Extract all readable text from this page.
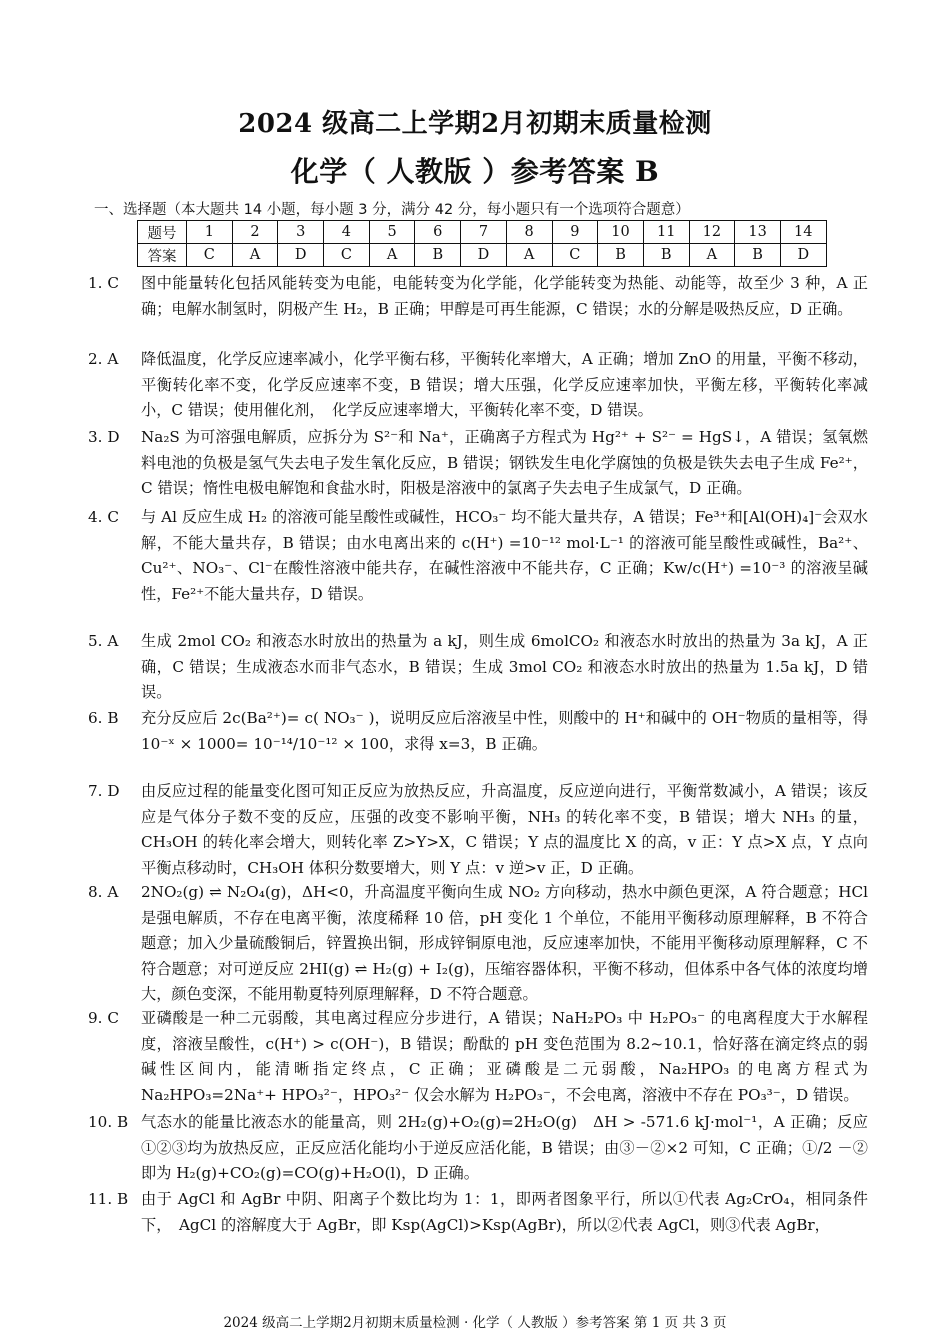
2024 级高二上学期2月初期末质量检测
化学（ 人教版 ）参考答案 B
一、选择题（本大题共 14 小题，每小题 3 分，满分 42 分，每小题只有一个选项符合题意）
题号	1	2	3	4	5	6	7	8	9	10	11	12	13	14
答案	C	A	D	C	A	B	D	A	C	B	B	A	B	D
1. C	图中能量转化包括风能转变为电能，电能转变为化学能，化学能转变为热能、动能等，故至少 3 种，A 正确；电解水制氢时，阴极产生 H₂，B 正确；甲醇是可再生能源，C 错误；水的分解是吸热反应，D 正确。
2. A	降低温度，化学反应速率减小，化学平衡右移，平衡转化率增大，A 正确；增加 ZnO 的用量，平衡不移动，平衡转化率不变，化学反应速率不变，B 错误；增大压强，化学反应速率加快，平衡左移，平衡转化率减小，C 错误；使用催化剂，　化学反应速率增大，平衡转化率不变，D 错误。
3. D	Na₂S 为可溶强电解质，应拆分为 S²⁻和 Na⁺，正确离子方程式为 Hg²⁺ + S²⁻ = HgS↓，A 错误；氢氧燃料电池的负极是氢气失去电子发生氧化反应，B 错误；钢铁发生电化学腐蚀的负极是铁失去电子生成 Fe²⁺，C 错误；惰性电极电解饱和食盐水时，阳极是溶液中的氯离子失去电子生成氯气，D 正确。
4. C	与 Al 反应生成 H₂ 的溶液可能呈酸性或碱性，HCO₃⁻ 均不能大量共存，A 错误；Fe³⁺和[Al(OH)₄]⁻会双水解，不能大量共存，B 错误；由水电离出来的 c(H⁺) =10⁻¹² mol·L⁻¹ 的溶液可能呈酸性或碱性，Ba²⁺、Cu²⁺、NO₃⁻、Cl⁻在酸性溶液中能共存，在碱性溶液中不能共存，C 正确；Kw/c(H⁺) =10⁻³ 的溶液呈碱性，Fe²⁺不能大量共存，D 错误。
5. A	生成 2mol CO₂ 和液态水时放出的热量为 a kJ，则生成 6molCO₂ 和液态水时放出的热量为 3a kJ，A 正确，C 错误；生成液态水而非气态水，B 错误；生成 3mol CO₂ 和液态水时放出的热量为 1.5a kJ，D 错误。
6. B	充分反应后 2c(Ba²⁺)= c( NO₃⁻ )，说明反应后溶液呈中性，则酸中的 H⁺和碱中的 OH⁻物质的量相等，得 10⁻ˣ × 1000= 10⁻¹⁴/10⁻¹² × 100，求得 x=3，B 正确。
7. D	由反应过程的能量变化图可知正反应为放热反应，升高温度，反应逆向进行，平衡常数减小，A 错误；该反应是气体分子数不变的反应，压强的改变不影响平衡，NH₃ 的转化率不变，B 错误；增大 NH₃ 的量，CH₃OH 的转化率会增大，则转化率 Z>Y>X，C 错误；Y 点的温度比 X 的高，v 正：Y 点>X 点，Y 点向平衡点移动时，CH₃OH 体积分数要增大，则 Y 点：v 逆>v 正，D 正确。
8. A	2NO₂(g) ⇌ N₂O₄(g)，ΔH<0，升高温度平衡向生成 NO₂ 方向移动，热水中颜色更深，A 符合题意；HCl 是强电解质，不存在电离平衡，浓度稀释 10 倍，pH 变化 1 个单位，不能用平衡移动原理解释，B 不符合题意；加入少量硫酸铜后，锌置换出铜，形成锌铜原电池，反应速率加快，不能用平衡移动原理解释，C 不符合题意；对可逆反应 2HI(g) ⇌ H₂(g) + I₂(g)，压缩容器体积，平衡不移动，但体系中各气体的浓度均增大，颜色变深，不能用勒夏特列原理解释，D 不符合题意。
9. C	亚磷酸是一种二元弱酸，其电离过程应分步进行，A 错误；NaH₂PO₃ 中 H₂PO₃⁻ 的电离程度大于水解程度，溶液呈酸性，c(H⁺) > c(OH⁻)，B 错误；酚酞的 pH 变色范围为 8.2~10.1，恰好落在滴定终点的弱碱性区间内，能清晰指定终点，C 正确；亚磷酸是二元弱酸，Na₂HPO₃ 的电离方程式为 Na₂HPO₃=2Na⁺+ HPO₃²⁻，HPO₃²⁻ 仅会水解为 H₂PO₃⁻，不会电离，溶液中不存在 PO₃³⁻，D 错误。
10. B 气态水的能量比液态水的能量高，则 2H₂(g)+O₂(g)=2H₂O(g)　ΔH > -571.6 kJ·mol⁻¹，A 正确；反应①②③均为放热反应，正反应活化能均小于逆反应活化能，B 错误；由③－②×2 可知，C 正确；①/2 －②即为 H₂(g)+CO₂(g)=CO(g)+H₂O(l)，D 正确。
11. B 由于 AgCl 和 AgBr 中阴、阳离子个数比均为 1：1，即两者图象平行，所以①代表 Ag₂CrO₄，相同条件下，　AgCl 的溶解度大于 AgBr，即 Ksp(AgCl)>Ksp(AgBr)，所以②代表 AgCl，则③代表 AgBr，
2024 级高二上学期2月初期末质量检测 · 化学（ 人教版 ）参考答案 第 1 页 共 3 页
